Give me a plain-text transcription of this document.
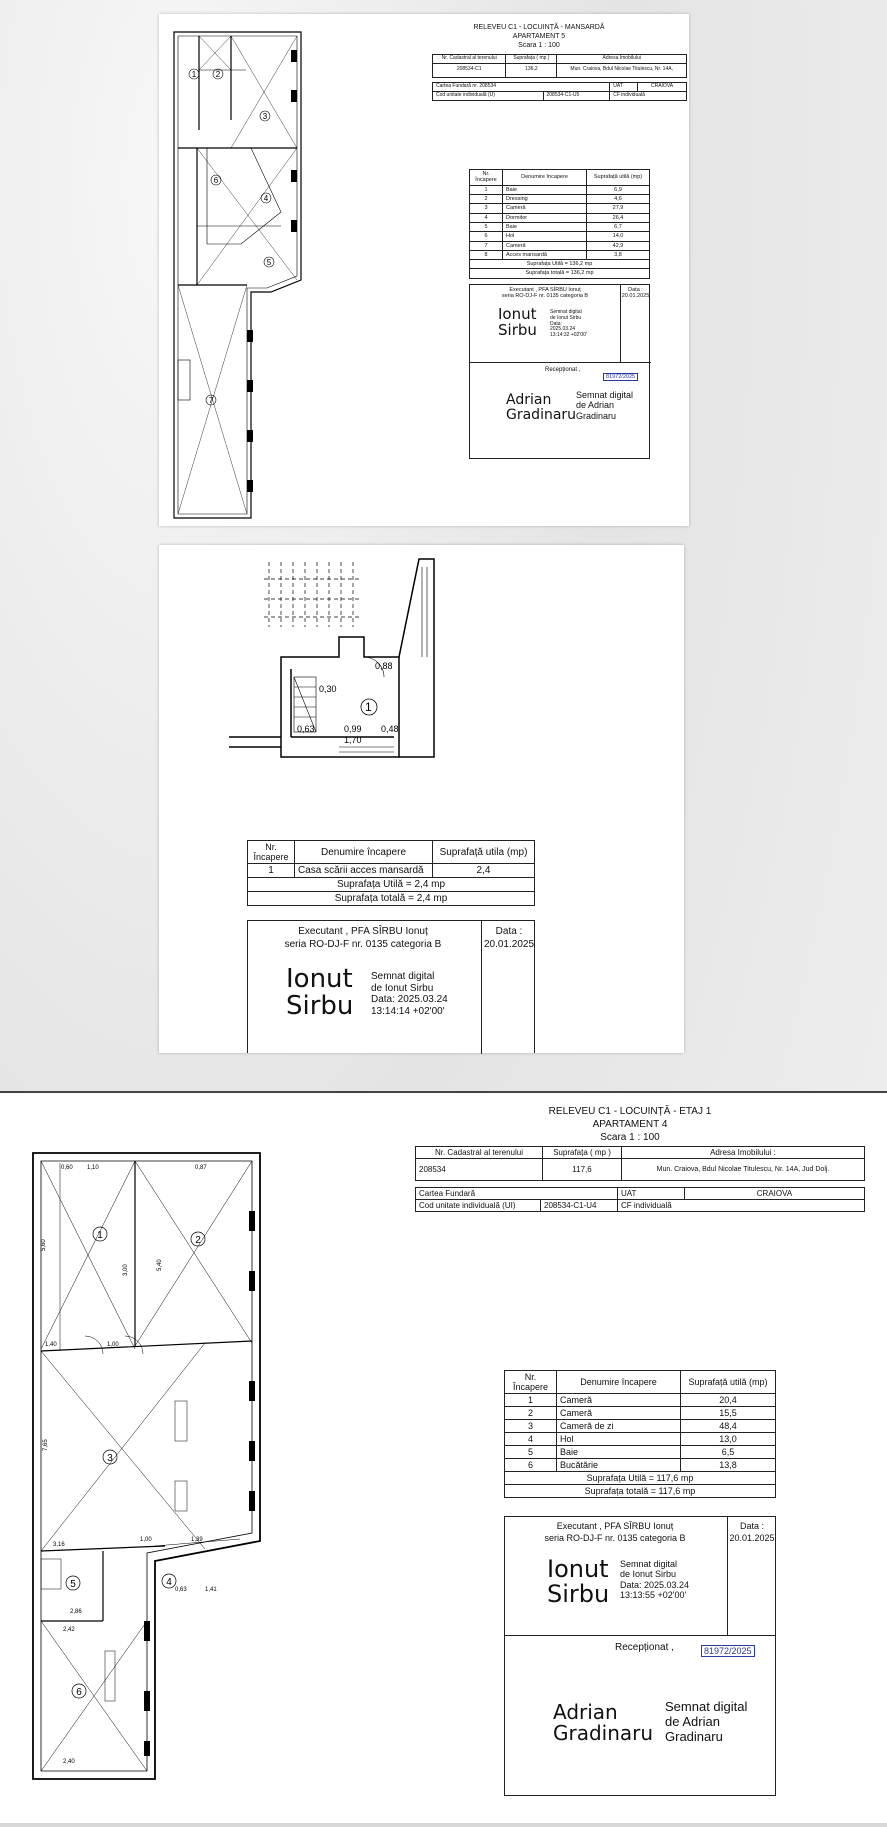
1 2
3
4
5
6
7
RELEVEU C1 - LOCUINȚĂ - MANSARDĂ
APARTAMENT 5
Scara 1 : 100
Nr. Cadastral al terenului	Suprafața ( mp )	Adresa Imobilului
208534-C1	136,2	Mun. Craiova, Bdul Nicolae Titulescu, Nr. 14A,
Cartea Fundară nr. 208534		UAT	CRAIOVA
Cod unitate individuală (U)	208534-C1-U5	CF individuală	
Nr. Încapere	Denumire încapere	Suprafață utilă (mp)
1	Baie	6,9
2	Dressing	4,6
3	Cameră	27,9
4	Dormitor	26,4
5	Baie	6,7
6	Hol	14,0
7	Cameră	42,9
8	Acces mansardă	3,8
Suprafața Utilă = 136,2 mp		
Suprafața totală = 136,2 mp		
Executant , PFA SÎRBU Ionuț
seria RO-DJ-F nr. 0135 categoria B
Data :
20.01.2025
Ionut
Sirbu
Semnat digital
de Ionut Sirbu
Data:
2025.03.24
13:14:32 +02'00'
Recepționat ,
81972/2025
Adrian
Gradinaru
Semnat digital
de Adrian
Gradinaru
0,88
0,30
0,99
1,70
0,48
0,63
1
Nr. Încapere	Denumire încapere	Suprafață utila (mp)
1	Casa scării acces mansardă	2,4
Suprafața Utilă = 2,4 mp		
Suprafața totală = 2,4 mp		
Executant , PFA SÎRBU Ionuț
seria RO-DJ-F nr. 0135 categoria B
Data :
20.01.2025
Ionut
Sirbu
Semnat digital
de Ionut Sirbu
Data: 2025.03.24
13:14:14 +02'00'
RELEVEU C1 - LOCUINȚĂ - ETAJ 1
APARTAMENT 4
Scara 1 : 100
Nr. Cadastral al terenului	Suprafața ( mp )	Adresa Imobilului :
208534	117,6	Mun. Craiova, Bdul Nicolae Titulescu, Nr. 14A, Jud Dolj.
Cartea Fundară		UAT	CRAIOVA
Cod unitate individuală (UI)	208534-C1-U4	CF individuală	
0,60 1,10
5,60
3,00
0,87
5,40
1,40	1,00
7,65
3,16
1,00	1,39
2,86
0,63	1,41
2,42
2,40
1	2
3
4
5
6
Nr. Încapere	Denumire încapere	Suprafață utilă (mp)
1	Cameră	20,4
2	Cameră	15,5
3	Cameră de zi	48,4
4	Hol	13,0
5	Baie	6,5
6	Bucătărie	13,8
Suprafața Utilă = 117,6 mp		
Suprafața totală = 117,6 mp		
Executant , PFA SÎRBU Ionuț
seria RO-DJ-F nr. 0135 categoria B
Data :
20.01.2025
Ionut
Sirbu
Semnat digital
de Ionut Sirbu
Data: 2025.03.24
13:13:55 +02'00'
Recepționat ,	81972/2025
Adrian
Gradinaru
Semnat digital
de Adrian
Gradinaru
